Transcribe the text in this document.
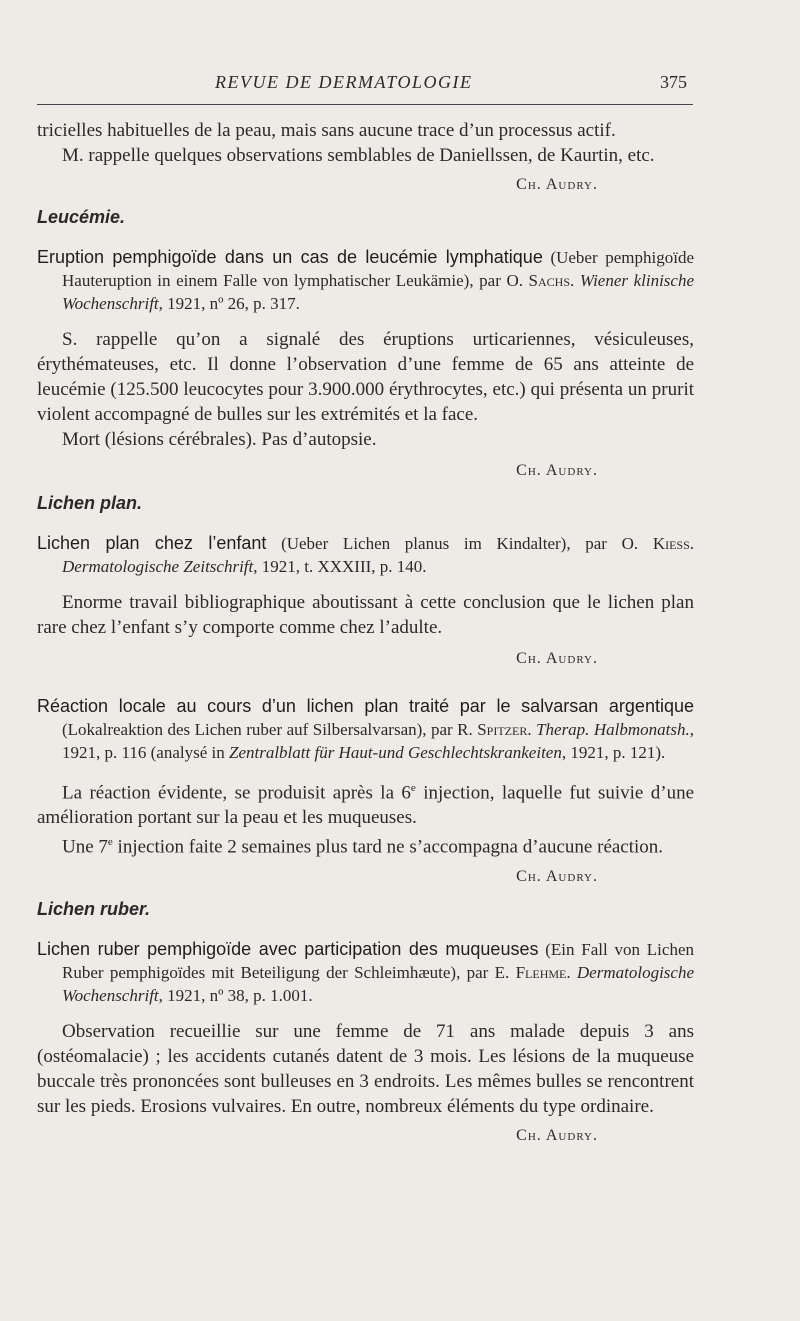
REVUE DE DERMATOLOGIE	375

tricielles habituelles de la peau, mais sans aucune trace d’un processus actif.

M. rappelle quelques observations semblables de Daniellssen, de Kaurtin, etc.

Ch. Audry.
Leucémie.

Eruption pemphigoïde dans un cas de leucémie lymphatique (Ueber pemphigoïde Hauteruption in einem Falle von lymphatischer Leukämie), par O. Sachs. Wiener klinische Wochenschrift, 1921, nº 26, p. 317.

S. rappelle qu’on a signalé des éruptions urticariennes, vésiculeuses, érythémateuses, etc. Il donne l’observation d’une femme de 65 ans atteinte de leucémie (125.500 leucocytes pour 3.900.000 érythrocytes, etc.) qui présenta un prurit violent accompagné de bulles sur les extrémités et la face.

Mort (lésions cérébrales). Pas d’autopsie.

Ch. Audry.
Lichen plan.

Lichen plan chez l’enfant (Ueber Lichen planus im Kindalter), par O. Kiess. Dermatologische Zeitschrift, 1921, t. XXXIII, p. 140.

Enorme travail bibliographique aboutissant à cette conclusion que le lichen plan rare chez l’enfant s’y comporte comme chez l’adulte.

Ch. Audry.

Réaction locale au cours d’un lichen plan traité par le salvarsan argentique (Lokalreaktion des Lichen ruber auf Silbersalvarsan), par R. Spitzer. Therap. Halbmonatsh., 1921, p. 116 (analysé in Zentralblatt für Haut-und Geschlechtskrankeiten, 1921, p. 121).

La réaction évidente, se produisit après la 6e injection, laquelle fut suivie d’une amélioration portant sur la peau et les muqueuses.

Une 7e injection faite 2 semaines plus tard ne s’accompagna d’aucune réaction.

Ch. Audry.
Lichen ruber.

Lichen ruber pemphigoïde avec participation des muqueuses (Ein Fall von Lichen Ruber pemphigoïdes mit Beteiligung der Schleimhæute), par E. Flehme. Dermatologische Wochenschrift, 1921, nº 38, p. 1.001.

Observation recueillie sur une femme de 71 ans malade depuis 3 ans (ostéomalacie) ; les accidents cutanés datent de 3 mois. Les lésions de la muqueuse buccale très prononcées sont bulleuses en 3 endroits. Les mêmes bulles se rencontrent sur les pieds. Erosions vulvaires. En outre, nombreux éléments du type ordinaire.

Ch. Audry.
